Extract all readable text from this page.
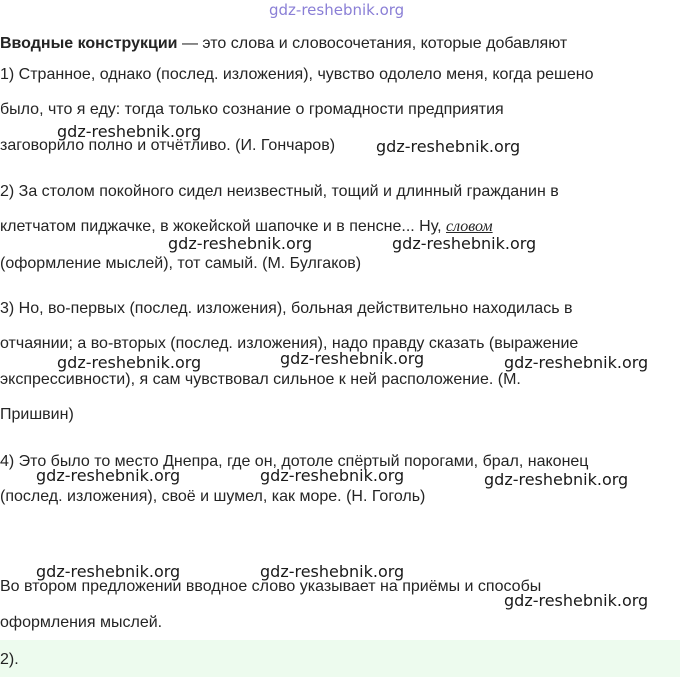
gdz-reshebnik.org
Вводные конструкции — это слова и словосочетания, которые добавляют
1) Странное, однако (послед. изложения), чувство одолело меня, когда решено
было, что я еду: тогда только сознание о громадности предприятия
заговорило полно и отчётливо. (И. Гончаров)
2) За столом покойного сидел неизвестный, тощий и длинный гражданин в
клетчатом пиджачке, в жокейской шапочке и в пенсне... Ну, словом
(оформление мыслей), тот самый. (М. Булгаков)
3) Но, во-первых (послед. изложения), больная действительно находилась в
отчаянии; а во-вторых (послед. изложения), надо правду сказать (выражение
экспрессивности), я сам чувствовал сильное к ней расположение. (М.
Пришвин)
4) Это было то место Днепра, где он, дотоле спёртый порогами, брал, наконец
(послед. изложения), своё и шумел, как море. (Н. Гоголь)
Во втором предложении вводное слово указывает на приёмы и способы
оформления мыслей.
2).
gdz-reshebnik.org
gdz-reshebnik.org
gdz-reshebnik.org	gdz-reshebnik.org
gdz-reshebnik.org	gdz-reshebnik.org	gdz-reshebnik.org
gdz-reshebnik.org	gdz-reshebnik.org	gdz-reshebnik.org
gdz-reshebnik.org	gdz-reshebnik.org
gdz-reshebnik.org
